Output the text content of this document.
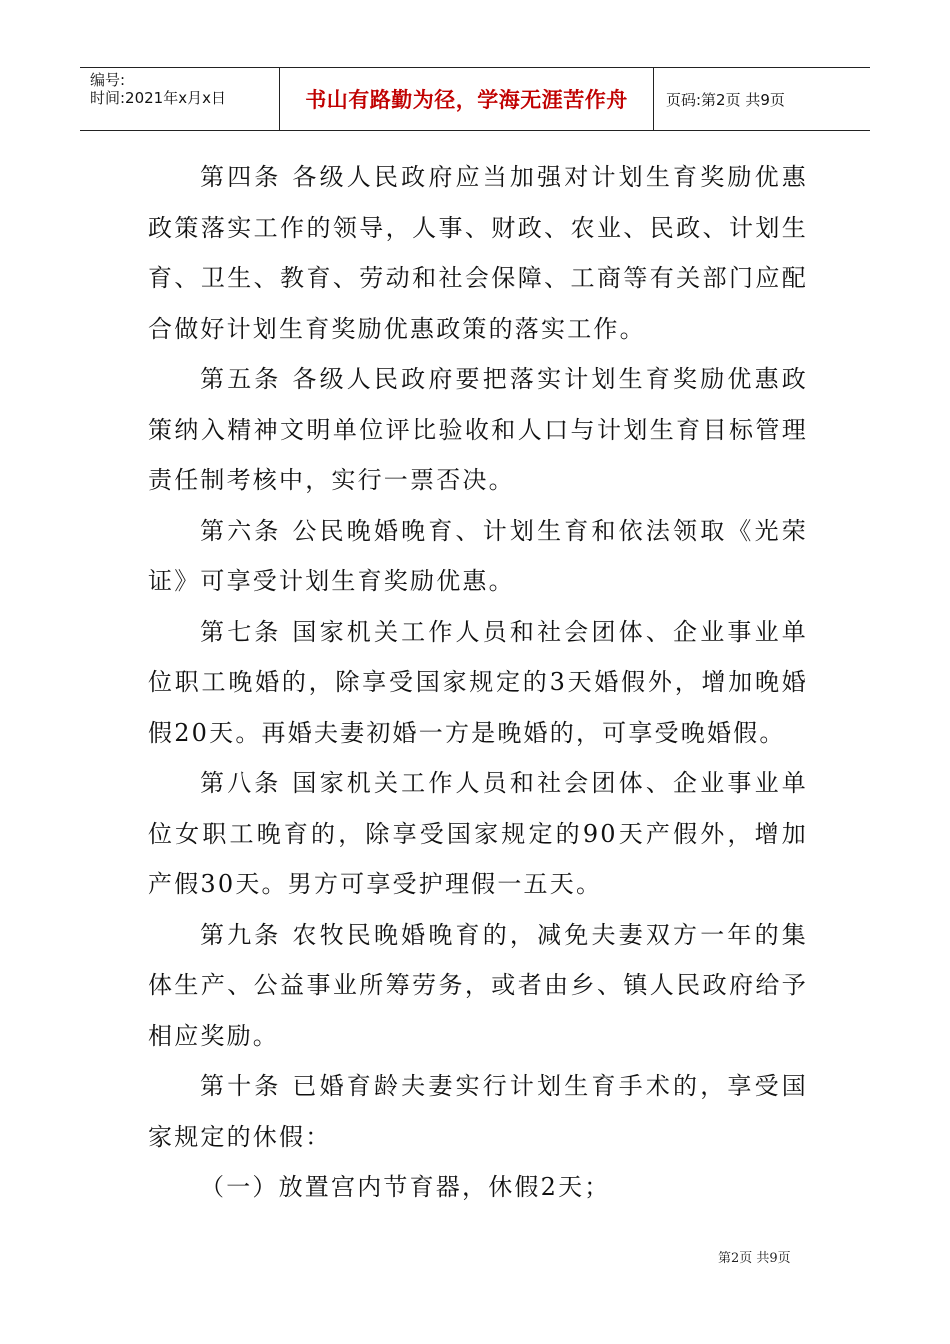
编号:
时间:2021年x月x日	书山有路勤为径，学海无涯苦作舟	页码:第2页 共9页

第四条 各级人民政府应当加强对计划生育奖励优惠政策落实工作的领导，人事、财政、农业、民政、计划生育、卫生、教育、劳动和社会保障、工商等有关部门应配合做好计划生育奖励优惠政策的落实工作。

第五条 各级人民政府要把落实计划生育奖励优惠政策纳入精神文明单位评比验收和人口与计划生育目标管理责任制考核中，实行一票否决。

第六条 公民晚婚晚育、计划生育和依法领取《光荣证》可享受计划生育奖励优惠。

第七条 国家机关工作人员和社会团体、企业事业单位职工晚婚的，除享受国家规定的3天婚假外，增加晚婚假20天。再婚夫妻初婚一方是晚婚的，可享受晚婚假。

第八条 国家机关工作人员和社会团体、企业事业单位女职工晚育的，除享受国家规定的90天产假外，增加产假30天。男方可享受护理假一五天。

第九条 农牧民晚婚晚育的，减免夫妻双方一年的集体生产、公益事业所筹劳务，或者由乡、镇人民政府给予相应奖励。

第十条 已婚育龄夫妻实行计划生育手术的，享受国家规定的休假：

（一）放置宫内节育器，休假2天；

第2页 共9页
